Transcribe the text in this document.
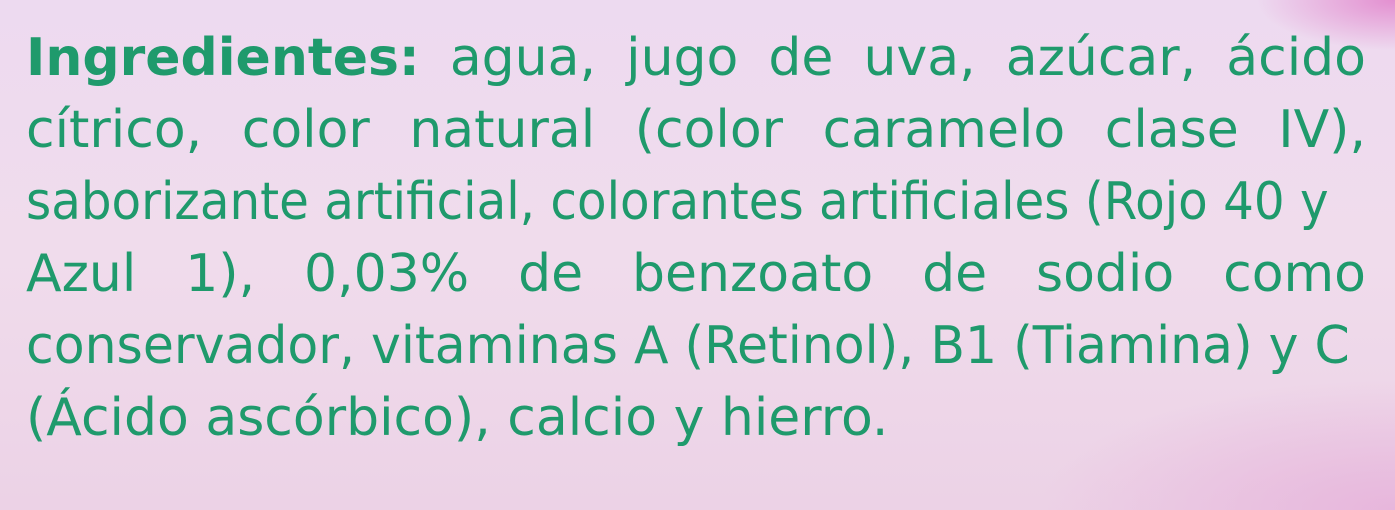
Ingredientes: agua, jugo de uva, azúcar, ácido
cítrico, color natural (color caramelo clase IV),
saborizante artificial, colorantes artificiales (Rojo 40 y
Azul 1), 0,03% de benzoato de sodio como
conservador, vitaminas A (Retinol), B1 (Tiamina) y C
(Ácido ascórbico), calcio y hierro.
